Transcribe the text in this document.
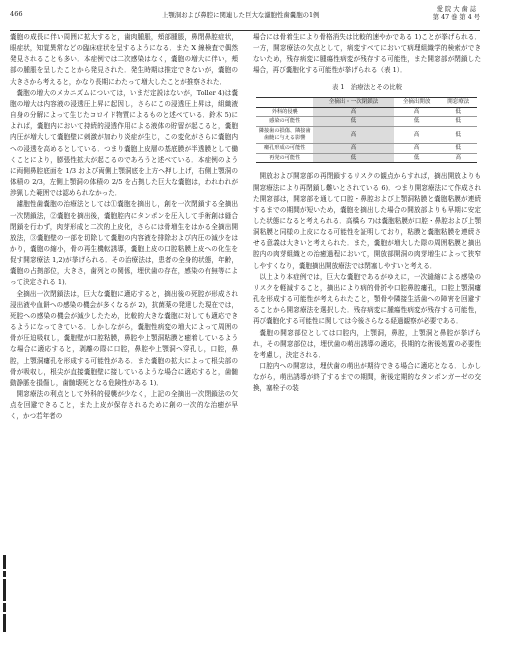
466	上顎洞および鼻腔に関連した巨大な濾胞性歯嚢胞の1例
愛 院 大 歯 誌
第 47 巻 第 4 号

嚢胞の成長に伴い周囲に拡大すると，歯肉腫脹，頬部腫脹，鼻閉鼻腔症状，眼症状，知覚異常などの臨床症状を呈するようになる．また X 線検査で偶然発見されることも多い．本症例では二次感染はなく，嚢胞の増大に伴い，頬部の腫脹を呈したことから発見された．発生時期は推定できないが，嚢胞の大きさから考えると，かなり長期にわたって増大したことが推察された．

嚢胞の増大のメカニズムについては，いまだ定説はないが，Toller 4)は嚢胞の増大は内容液の浸透圧上昇に起因し，さらにこの浸透圧上昇は，組織液自身の分解によって生じたコロイド物質によるものと述べている．鈴木 5)によれば，嚢胞内において持続的浸透作用による液体の貯留が起こると，嚢胞内圧が増大して嚢胞壁に刺激が加わり炎症が生じ，この変化がさらに嚢胞内への浸透を高めるとしている．つまり嚢胞上皮層の基底膜が半透膜として働くことにより，膨張性拡大が起こるのであろうと述べている．本症例のように両側鼻腔底面を 1/3 および両側上顎洞底を上方へ押し上げ，右側上顎洞の体積の 2/3，左側上顎洞の体積の 2/5 を占拠した巨大な嚢胞は，われわれが渉猟した範囲では認められなかった．

濾胞性歯嚢胞の治療法としては①嚢胞を摘出し，創を一次閉鎖する全摘出一次閉鎖法，②嚢胞を摘出後，嚢胞腔内にタンポンを圧入して手術創は縫合閉鎖を行わず，肉芽形成と二次的上皮化，さらには骨増生をはかる全摘出開放法，③嚢胞壁の一部を切除して嚢胞の内容液を排除および内圧の減少をはかり，嚢胞の縮小，骨の再生機転誘導，嚢胞上皮の口腔粘膜上皮への化生を促す開窓療法 1,2)が挙げられる．その治療法は，患者の全身的状態，年齢，嚢胞の占拠部位，大きさ，歯列との関係，埋伏歯の存在，感染の有無等によって決定される 1)．

全摘出一次閉鎖法は，巨大な嚢胞に適応すると，摘出後の死腔が形成され浸出液や血餅への感染の機会が多くなるが 2)，抗菌薬の発達した現在では，死腔への感染の機会が減少したため，比較的大きな嚢胞に対しても適応できるようになってきている．しかしながら，嚢胞性病変の増大によって周囲の骨が圧迫吸収し，嚢胞壁が口腔粘膜，鼻腔や上顎洞粘膜と癒着しているような場合に適応すると，剥離の際に口腔，鼻腔や上顎洞へ穿孔し，口腔，鼻腔，上顎洞瘻孔を形成する可能性がある．また嚢胞の拡大によって根尖部の骨が吸収し，根尖が直接嚢胞壁に接しているような場合に適応すると，歯髄動静脈を損傷し，歯髄壊死となる危険性がある 1)．

開窓療法の利点として外科的侵襲が少なく，上記の全摘出一次閉鎖法の欠点を回避できること，また上皮が保存されるために創の一次的な治癒が早く，かつ若年者の

場合には骨着生により骨格消失は比較的速やかである 1)ことが挙げられる．一方，開窓療法の欠点として，病変すべてにおいて病理組織学的検索ができないため，残存病変に腫瘍性病変が残存する可能性，また開窓部が閉鎖した場合，再び嚢胞化する可能性が挙げられる（表 1）．

表 1　治療法とその比較
	全摘出・一次閉鎖法	全摘出開放	開窓療法
外科的侵襲	高	高	低
感染の可能性	低	低	低
隣接歯の損傷、隣接歯歯髄に与える影響	高	高	低
瘻孔形成の可能性	高	高	低
再発の可能性	低	低	高

開放および開窓部の再閉鎖するリスクの観点からすれば，摘出開放よりも開窓療法により再閉鎖し難いとされている 6)．つまり開窓療法にて作成された開窓部は，開窓部を通して口腔・鼻腔および上顎洞粘膜と嚢胞粘膜が連続するまでの期間が短いため，嚢胞を摘出した場合の開放部よりも早期に安定した状態になると考えられる．高橋ら 7)は嚢胞粘膜が口腔・鼻腔および上顎洞粘膜と同様の上皮になる可能性を証明しており，粘膜と嚢胞粘膜を連続させる意義は大きいと考えられた．また，嚢胞が増大した際の周囲粘膜と摘出腔内の肉芽組織との治癒過程において，開放部開洞の肉芽増生によって狭窄しやすくなり，嚢胞摘出開放療法では閉塞しやすいと考える．

以上より本症例では，巨大な嚢胞であるがゆえに，一次縫縮による感染のリスクを軽減すること，摘出により病的骨折や口腔鼻腔瘻孔，口腔上顎洞瘻孔を形成する可能性が考えられたこと，顎骨や隣接生活歯への障害を回避することから開窓療法を選択した．残存病変に腫瘍性病変が残存する可能性，再び嚢胞化する可能性に関しては今後さらなる経過観察が必要である．

嚢胞の開窓部位としては口腔内，上顎洞，鼻腔，上顎洞と鼻腔が挙げられ，その開窓部位は，埋伏歯の萌出誘導の適応，長期的な術後処置の必要性を考慮し，決定される．

口腔内への開窓は，埋伏歯の萌出が期待できる場合に適応となる．しかしながら，萌出誘導が終了するまでの期間，術後定期的なタンポンガーゼの交換，塞栓子の装
